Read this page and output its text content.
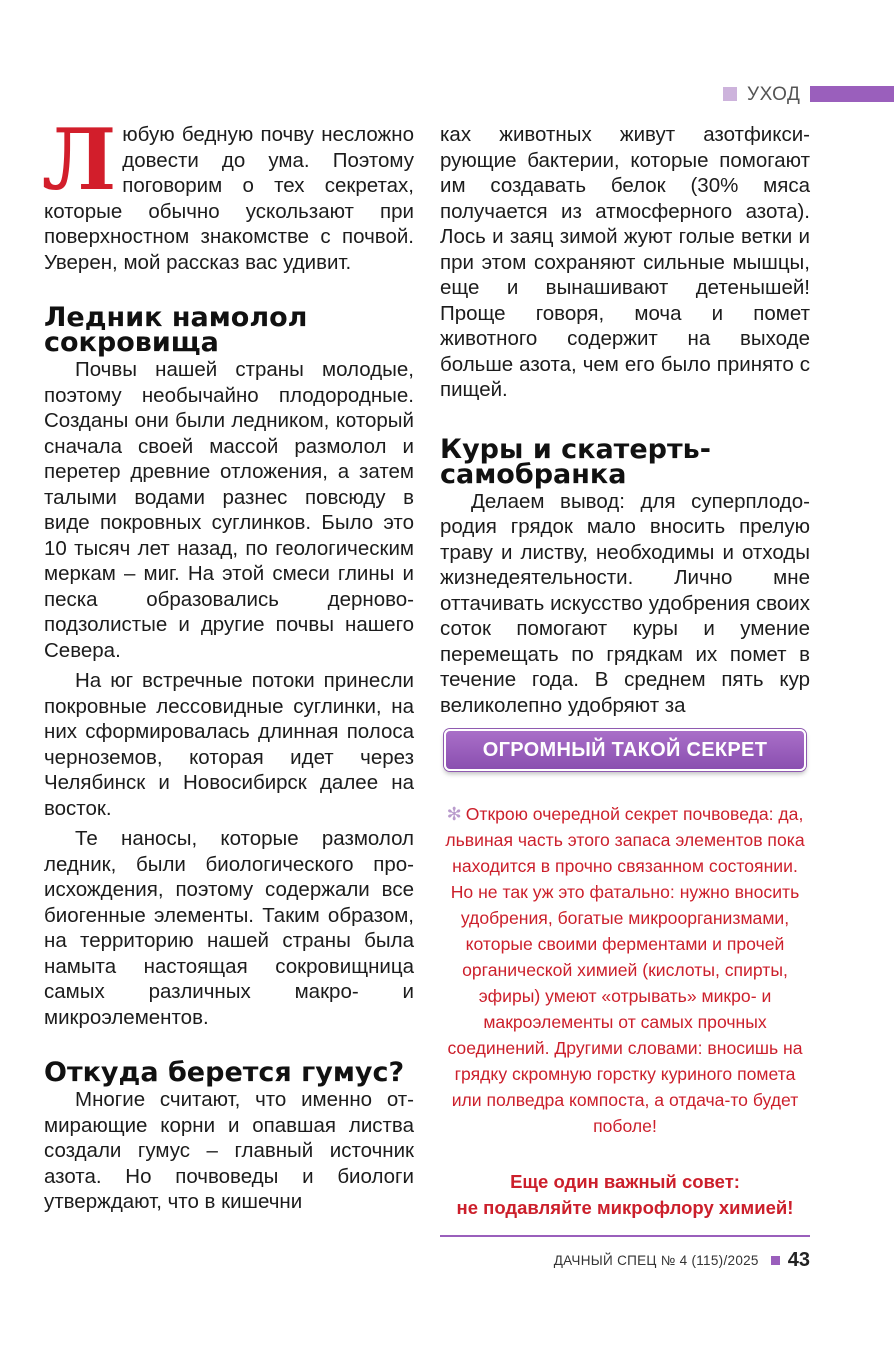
УХОД

Любую бедную почву несложно довести до ума. Поэтому поговорим о тех секретах, которые обычно ускользают при поверхностном знакомстве с почвой. Уверен, мой рассказ вас удивит.

Ледник намолол сокровища

Почвы нашей страны молодые, поэтому необычайно плодородные. Созданы они были ледником, который сначала своей массой размолол и перетер древние отложения, а затем талыми водами разнес повсюду в виде покровных суглинков. Было это 10 тысяч лет назад, по геологическим меркам – миг. На этой смеси глины и песка образовались дерново-подзолистые и другие почвы нашего Севера.

На юг встречные потоки принесли покровные лессовидные суглинки, на них сформировалась длинная полоса черноземов, которая идет через Челябинск и Новосибирск далее на восток.

Те наносы, которые размолол ледник, были биологического происхождения, поэтому содержали все биогенные элементы. Таким образом, на территорию нашей страны была намыта настоящая сокровищница самых различных макро- и микроэлементов.

Откуда берется гумус?

Многие считают, что именно отмирающие корни и опавшая листва создали гумус – главный источник азота. Но почвоведы и биологи утверждают, что в кишечни

ках животных живут азотфиксирующие бактерии, которые помогают им создавать белок (30% мяса получается из атмосферного азота). Лось и заяц зимой жуют голые ветки и при этом сохраняют сильные мышцы, еще и вынашивают детенышей! Проще говоря, моча и помет животного содержит на выходе больше азота, чем его было принято с пищей.

Куры и скатерть-самобранка

Делаем вывод: для суперплодородия грядок мало вносить прелую траву и листву, необходимы и отходы жизнедеятельности. Лично мне оттачивать искусство удобрения своих соток помогают куры и умение перемещать по грядкам их помет в течение года. В среднем пять кур великолепно удобряют за

ОГРОМНЫЙ ТАКОЙ СЕКРЕТ

✻ Открою очередной секрет почвоведа: да, львиная часть этого запаса элементов пока находится в прочно связанном состоянии. Но не так уж это фатально: нужно вносить удобрения, богатые микроорганизмами, которые своими ферментами и прочей органической химией (кислоты, спирты, эфиры) умеют «отрывать» микро- и макроэлементы от самых прочных соединений. Другими словами: вносишь на грядку скромную горстку куриного помета или полведра компоста, а отдача-то будет поболе!

Еще один важный совет:
не подавляйте микрофлору химией!
ДАЧНЫЙ СПЕЦ № 4 (115)/2025 43
